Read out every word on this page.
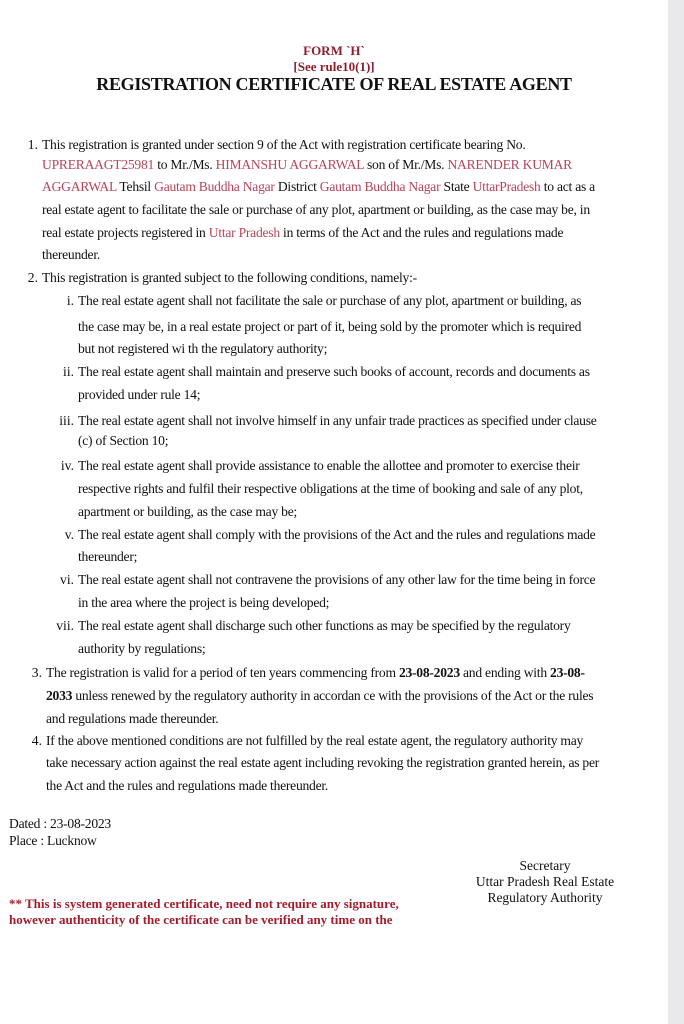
FORM `H`
[See rule10(1)]
REGISTRATION CERTIFICATE OF REAL ESTATE AGENT
1. This registration is granted under section 9 of the Act with registration certificate bearing No.
UPRERAAGT25981 to Mr./Ms. HIMANSHU AGGARWAL son of Mr./Ms. NARENDER KUMAR
AGGARWAL Tehsil Gautam Buddha Nagar District Gautam Buddha Nagar State UttarPradesh to act as a
real estate agent to facilitate the sale or purchase of any plot, apartment or building, as the case may be, in
real estate projects registered in Uttar Pradesh in terms of the Act and the rules and regulations made
thereunder.
2. This registration is granted subject to the following conditions, namely:-
i. The real estate agent shall not facilitate the sale or purchase of any plot, apartment or building, as
the case may be, in a real estate project or part of it, being sold by the promoter which is required
but not registered wi th the regulatory authority;
ii. The real estate agent shall maintain and preserve such books of account, records and documents as
provided under rule 14;
iii. The real estate agent shall not involve himself in any unfair trade practices as specified under clause
(c) of Section 10;
iv. The real estate agent shall provide assistance to enable the allottee and promoter to exercise their
respective rights and fulfil their respective obligations at the time of booking and sale of any plot,
apartment or building, as the case may be;
v. The real estate agent shall comply with the provisions of the Act and the rules and regulations made
thereunder;
vi. The real estate agent shall not contravene the provisions of any other law for the time being in force
in the area where the project is being developed;
vii. The real estate agent shall discharge such other functions as may be specified by the regulatory
authority by regulations;
3. The registration is valid for a period of ten years commencing from 23-08-2023 and ending with 23-08-
2033 unless renewed by the regulatory authority in accordan ce with the provisions of the Act or the rules
and regulations made thereunder.
4. If the above mentioned conditions are not fulfilled by the real estate agent, the regulatory authority may
take necessary action against the real estate agent including revoking the registration granted herein, as per
the Act and the rules and regulations made thereunder.
Dated : 23-08-2023
Place : Lucknow
Secretary
Uttar Pradesh Real Estate
Regulatory Authority
** This is system generated certificate, need not require any signature,
however authenticity of the certificate can be verified any time on the
